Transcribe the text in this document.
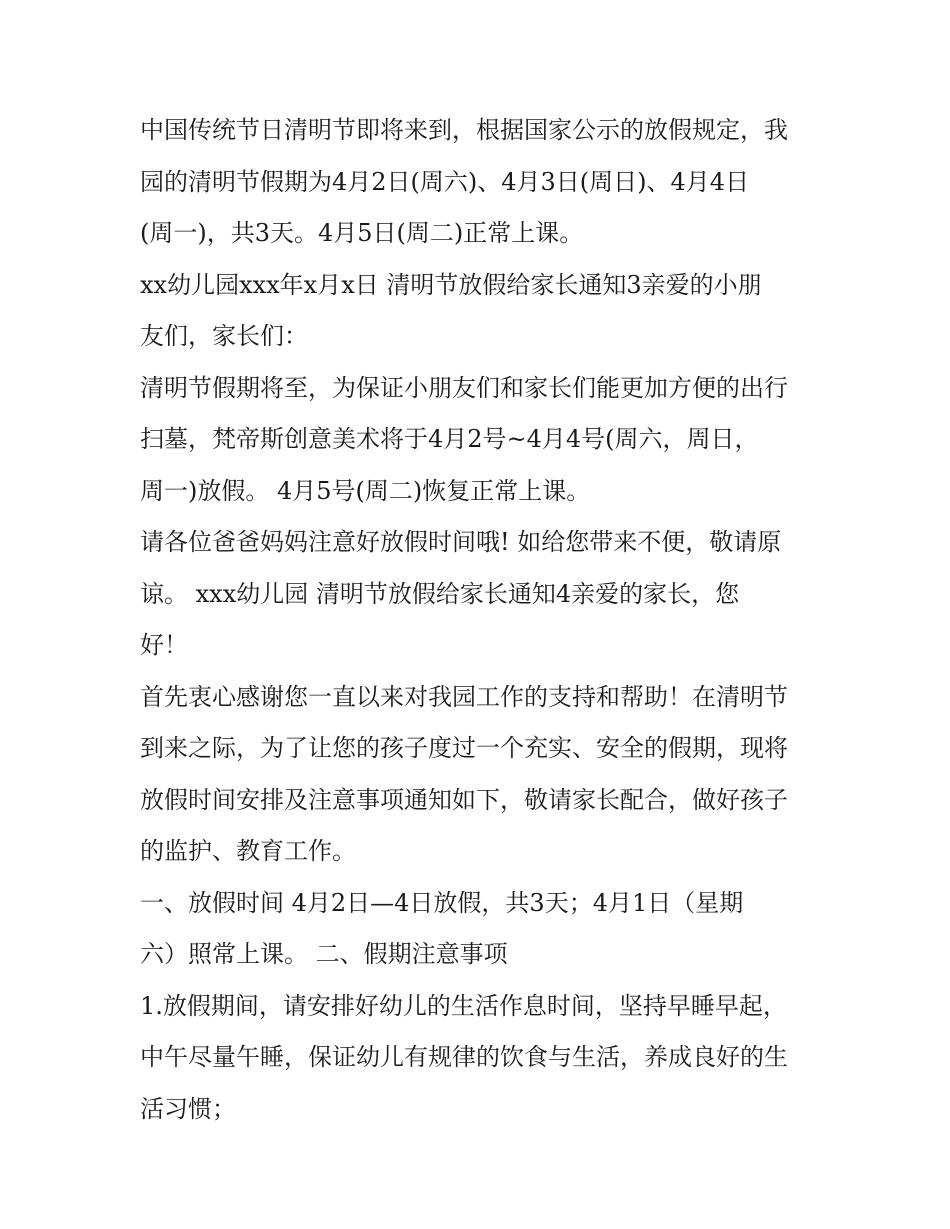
中国传统节日清明节即将来到，根据国家公示的放假规定，我

园的清明节假期为4月2日(周六)、4月3日(周日)、4月4日

(周一)，共3天。4月5日(周二)正常上课。

xx幼儿园xxx年x月x日 清明节放假给家长通知3亲爱的小朋

友们，家长们：

清明节假期将至，为保证小朋友们和家长们能更加方便的出行

扫墓，梵帝斯创意美术将于4月2号~4月4号(周六，周日，

周一)放假。 4月5号(周二)恢复正常上课。

请各位爸爸妈妈注意好放假时间哦! 如给您带来不便，敬请原

谅。 xxx幼儿园 清明节放假给家长通知4亲爱的家长，您

好！

首先衷心感谢您一直以来对我园工作的支持和帮助！在清明节

到来之际，为了让您的孩子度过一个充实、安全的假期，现将

放假时间安排及注意事项通知如下，敬请家长配合，做好孩子

的监护、教育工作。

一、放假时间 4月2日—4日放假，共3天；4月1日（星期

六）照常上课。 二、假期注意事项

1.放假期间，请安排好幼儿的生活作息时间，坚持早睡早起，

中午尽量午睡，保证幼儿有规律的饮食与生活，养成良好的生

活习惯；
